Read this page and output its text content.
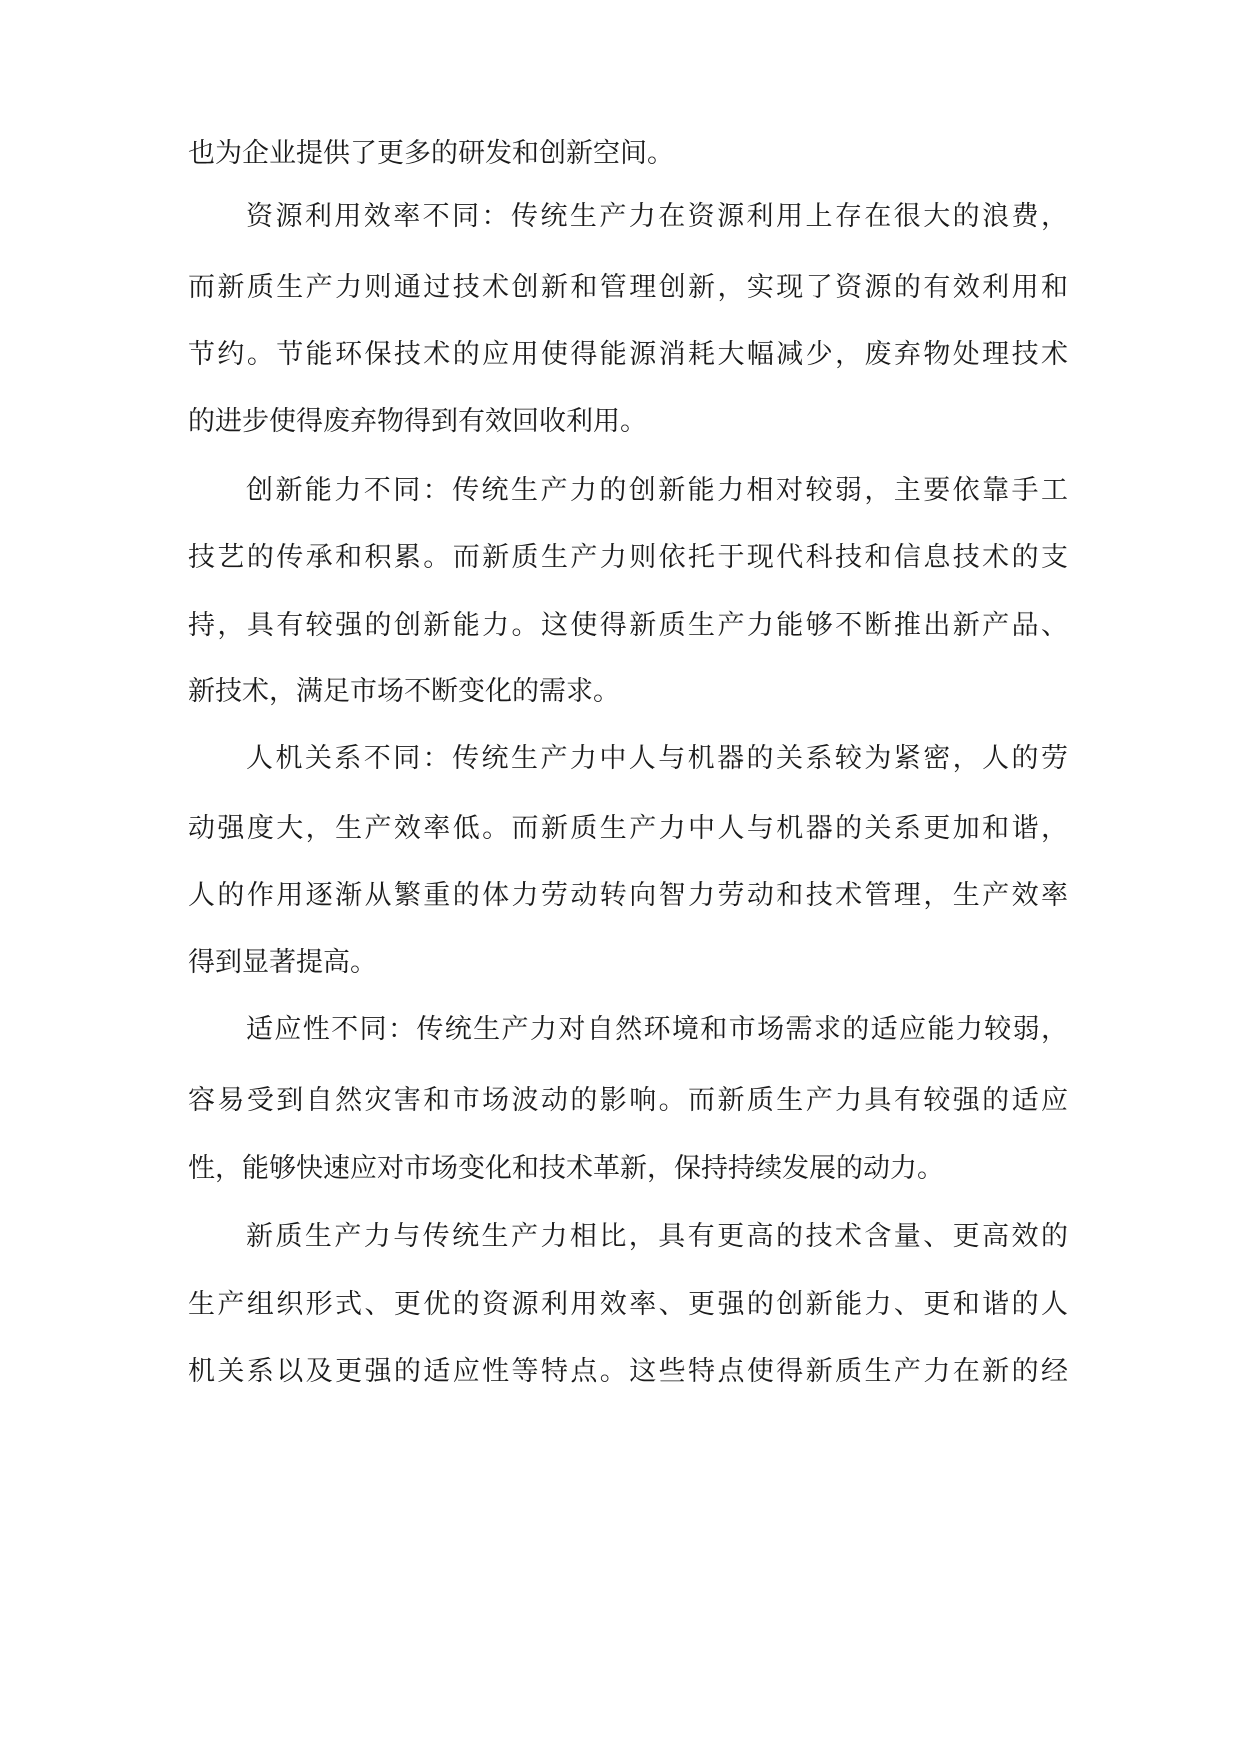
也为企业提供了更多的研发和创新空间。
资源利用效率不同：传统生产力在资源利用上存在很大的浪费，
而新质生产力则通过技术创新和管理创新，实现了资源的有效利用和
节约。节能环保技术的应用使得能源消耗大幅减少，废弃物处理技术
的进步使得废弃物得到有效回收利用。
创新能力不同：传统生产力的创新能力相对较弱，主要依靠手工
技艺的传承和积累。而新质生产力则依托于现代科技和信息技术的支
持，具有较强的创新能力。这使得新质生产力能够不断推出新产品、
新技术，满足市场不断变化的需求。
人机关系不同：传统生产力中人与机器的关系较为紧密，人的劳
动强度大，生产效率低。而新质生产力中人与机器的关系更加和谐，
人的作用逐渐从繁重的体力劳动转向智力劳动和技术管理，生产效率
得到显著提高。
适应性不同：传统生产力对自然环境和市场需求的适应能力较弱，
容易受到自然灾害和市场波动的影响。而新质生产力具有较强的适应
性，能够快速应对市场变化和技术革新，保持持续发展的动力。
新质生产力与传统生产力相比，具有更高的技术含量、更高效的
生产组织形式、更优的资源利用效率、更强的创新能力、更和谐的人
机关系以及更强的适应性等特点。这些特点使得新质生产力在新的经
